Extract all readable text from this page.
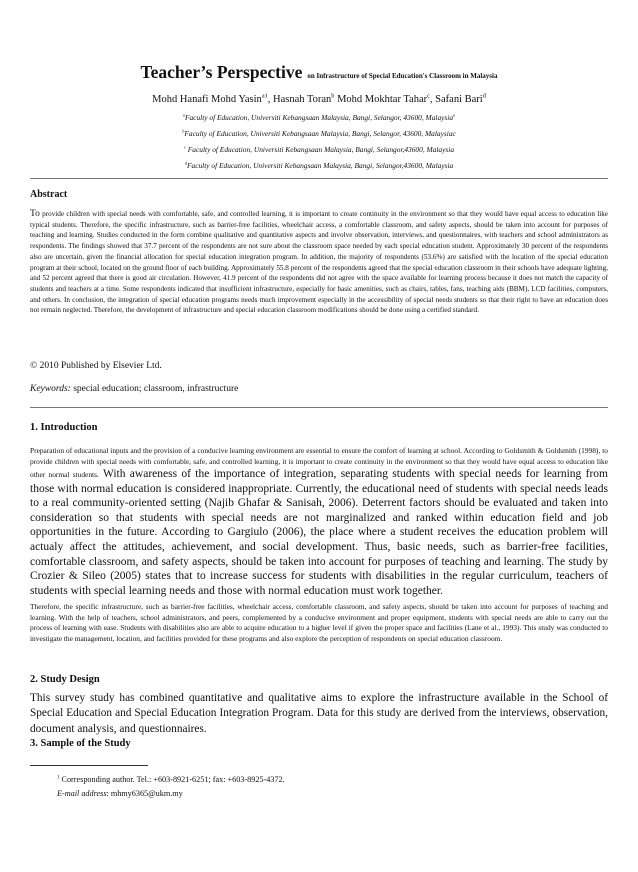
Teacher’s Perspective on Infrastructure of Special Education's Classroom in Malaysia
Mohd Hanafi Mohd Yasin$^{a1}$, Hasnah Toran$^b$ Mohd Mokhtar Tahar$^c$, Safani Bari$^d$
$^a$Faculty of Education, Universiti Kebangsaan Malaysia, Bangi, Selangor, 43600, Malaysia$^a$
$^b$Faculty of Education, Universiti Kebangsaan Malaysia, Bangi, Selangor, 43600, Malaysiac
$^c$ Faculty of Education, Universiti Kebangsaan Malaysia, Bangi, Selangor,43600, Malaysia
$^d$Faculty of Education, Universiti Kebangsaan Malaysia, Bangi, Selangor,43600, Malaysia
Abstract
To provide children with special needs with comfortable, safe, and controlled learning, it is important to create continuity in the environment so that they would have equal access to education like typical students. Therefore, the specific infrastructure, such as barrier-free facilities, wheelchair access, a comfortable classroom, and safety aspects, should be taken into account for purposes of teaching and learning. Studies conducted in the form combine qualitative and quantitative aspects and involve observation, interviews, and questionnaires, with teachers and school administrators as respondents. The findings showed that 37.7 percent of the respondents are not sure about the classroom space needed by each special education student. Approximately 30 percent of the respondents also are uncertain, given the financial allocation for special education integration program. In addition, the majority of respondents (53.6%) are satisfied with the location of the special education program at their school, located on the ground floor of each building. Approximately 55.8 percent of the respondents agreed that the special education classroom in their schools have adequate lighting, and 52 percent agreed that there is good air circulation. However, 41.9 percent of the respondents did not agree with the space available for learning process because it does not match the capacity of students and teachers at a time. Some respondents indicated that insufficient infrastructure, especially for basic amenities, such as chairs, tables, fans, teaching aids (BBM), LCD facilities, computers, and others. In conclusion, the integration of special education programs needs much improvement especially in the accessibility of special needs students so that their right to have an education does not remain neglected. Therefore, the development of infrastructure and special education classroom modifications should be done using a certified standard.
© 2010 Published by Elsevier Ltd.
Keywords: special education; classroom, infrastructure
1. Introduction
Preparation of educational inputs and the provision of a conducive learning environment are essential to ensure the comfort of learning at school. According to Goldsmith & Goldsmith (1998), to provide children with special needs with comfortable, safe, and controlled learning, it is important to create continuity in the environment so that they would have equal access to education like other normal students. With awareness of the importance of integration, separating students with special needs for learning from those with normal education is considered inappropriate. Currently, the educational need of students with special needs leads to a real community-oriented setting (Najib Ghafar & Sanisah, 2006). Deterrent factors should be evaluated and taken into consideration so that students with special needs are not marginalized and ranked within education field and job opportunities in the future. According to Gargiulo (2006), the place where a student receives the education problem will actualy affect the attitudes, achievement, and social development. Thus, basic needs, such as barrier-free facilities, comfortable classroom, and safety aspects, should be taken into account for purposes of teaching and learning. The study by Crozier & Sileo (2005) states that to increase success for students with disabilities in the regular curriculum, teachers of students with special learning needs and those with normal education must work together.
Therefore, the specific infrastructure, such as barrier-free facilities, wheelchair access, comfortable classroom, and safety aspects, should be taken into account for purposes of teaching and learning. With the help of teachers, school administrators, and peers, complemented by a conducive environment and proper equipment, students with special needs are able to carry out the process of learning with ease. Students with disabilities also are able to acquire education to a higher level if given the proper space and facilities (Lane et al., 1993). This study was conducted to investigate the management, location, and facilities provided for these programs and also explore the perception of respondents on special education classroom.
2. Study Design
This survey study has combined quantitative and qualitative aims to explore the infrastructure available in the School of Special Education and Special Education Integration Program. Data for this study are derived from the interviews, observation, document analysis, and questionnaires.
3. Sample of the Study
$^1$ Corresponding author. Tel.: +603-8921-6251; fax: +603-8925-4372.
E-mail address: mhmy6365@ukm.my
